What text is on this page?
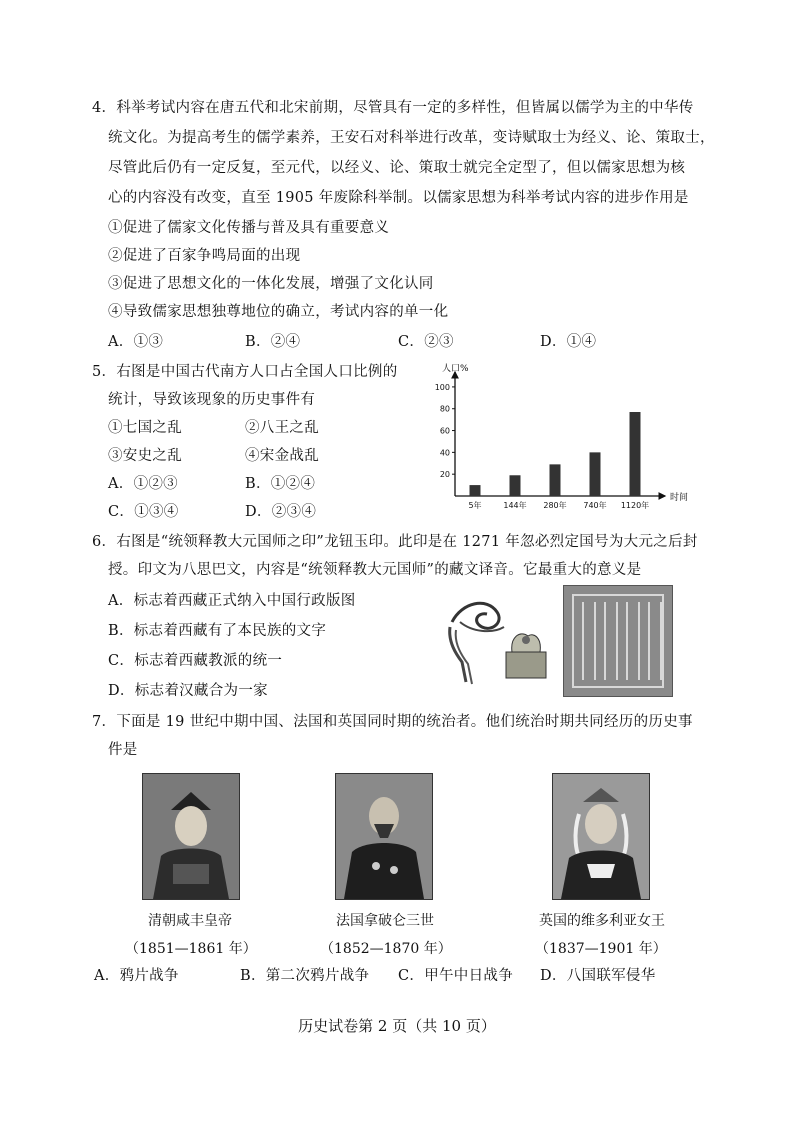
4．科举考试内容在唐五代和北宋前期，尽管具有一定的多样性，但皆属以儒学为主的中华传
统文化。为提高考生的儒学素养，王安石对科举进行改革，变诗赋取士为经义、论、策取士，
尽管此后仍有一定反复，至元代，以经义、论、策取士就完全定型了，但以儒家思想为核
心的内容没有改变，直至 1905 年废除科举制。以儒家思想为科举考试内容的进步作用是
①促进了儒家文化传播与普及具有重要意义
②促进了百家争鸣局面的出现
③促进了思想文化的一体化发展，增强了文化认同
④导致儒家思想独尊地位的确立，考试内容的单一化
A．①③	B．②④	C．②③	D．①④
5．右图是中国古代南方人口占全国人口比例的
统计，导致该现象的历史事件有
①七国之乱	②八王之乱
③安史之乱	④宋金战乱
A．①②③	B．①②④
C．①③④	D．②③④
人口%
时间
20
40
60
80
100
5年	144年 280年 740年 1120年
6．右图是“统领释教大元国师之印”龙钮玉印。此印是在 1271 年忽必烈定国号为大元之后封
授。印文为八思巴文，内容是“统领释教大元国师”的藏文译音。它最重大的意义是
A．标志着西藏正式纳入中国行政版图
B．标志着西藏有了本民族的文字
C．标志着西藏教派的统一
D．标志着汉藏合为一家
7．下面是 19 世纪中期中国、法国和英国同时期的统治者。他们统治时期共同经历的历史事
件是
清朝咸丰皇帝
（1851—1861 年）
法国拿破仑三世
（1852—1870 年）
英国的维多利亚女王
（1837—1901 年）
A．鸦片战争	B．第二次鸦片战争 C．甲午中日战争 D．八国联军侵华
历史试卷第 2 页（共 10 页）
